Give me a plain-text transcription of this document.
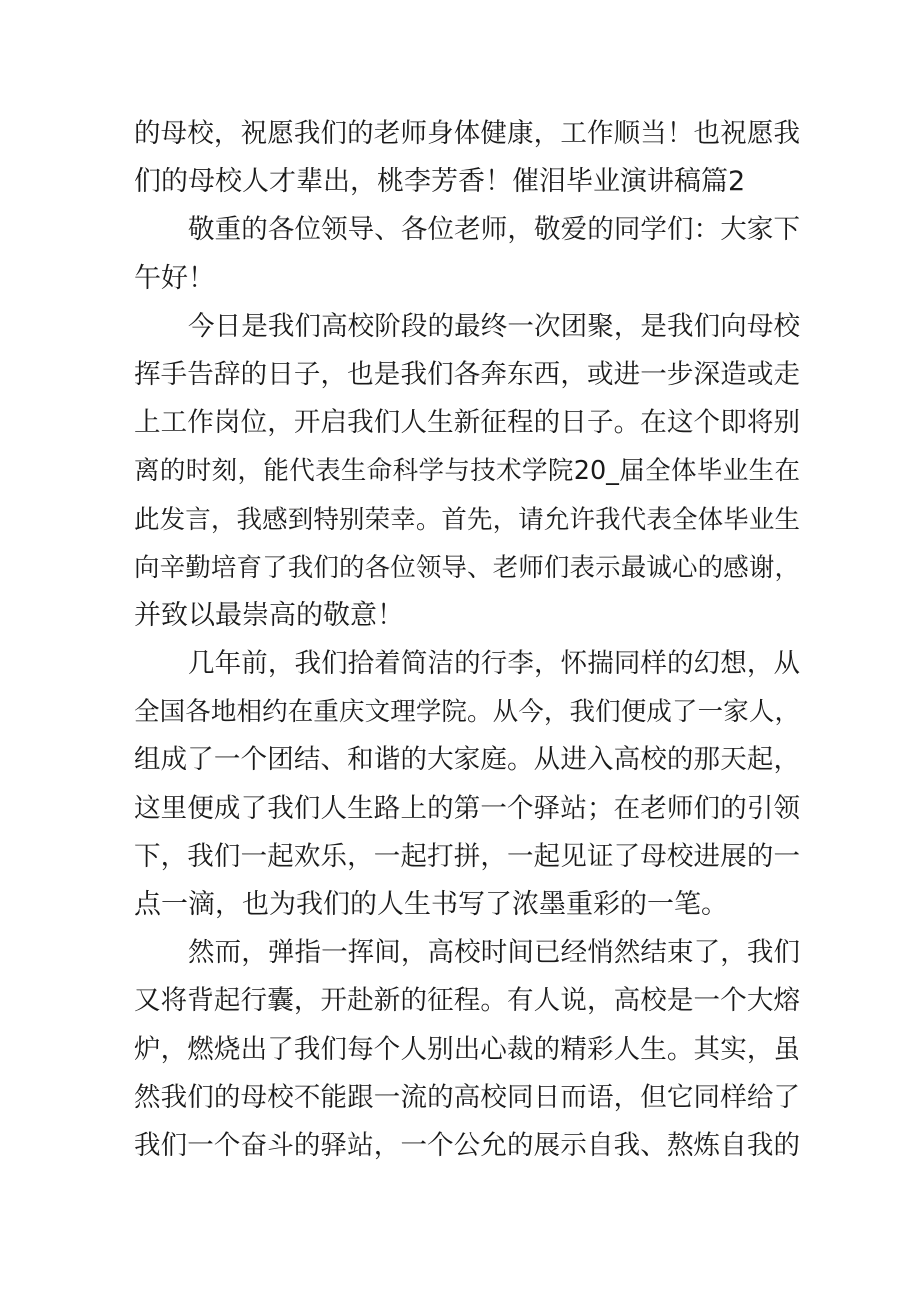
的母校，祝愿我们的老师身体健康，工作顺当！也祝愿我
们的母校人才辈出，桃李芳香！催泪毕业演讲稿篇2
敬重的各位领导、各位老师，敬爱的同学们：大家下
午好！
今日是我们高校阶段的最终一次团聚，是我们向母校
挥手告辞的日子，也是我们各奔东西，或进一步深造或走
上工作岗位，开启我们人生新征程的日子。在这个即将别
离的时刻，能代表生命科学与技术学院20_届全体毕业生在
此发言，我感到特别荣幸。首先，请允许我代表全体毕业生
向辛勤培育了我们的各位领导、老师们表示最诚心的感谢，
并致以最崇高的敬意！
几年前，我们拾着简洁的行李，怀揣同样的幻想，从
全国各地相约在重庆文理学院。从今，我们便成了一家人，
组成了一个团结、和谐的大家庭。从进入高校的那天起，
这里便成了我们人生路上的第一个驿站；在老师们的引领
下，我们一起欢乐，一起打拼，一起见证了母校进展的一
点一滴，也为我们的人生书写了浓墨重彩的一笔。
然而，弹指一挥间，高校时间已经悄然结束了，我们
又将背起行囊，开赴新的征程。有人说，高校是一个大熔
炉，燃烧出了我们每个人别出心裁的精彩人生。其实，虽
然我们的母校不能跟一流的高校同日而语，但它同样给了
我们一个奋斗的驿站，一个公允的展示自我、熬炼自我的
